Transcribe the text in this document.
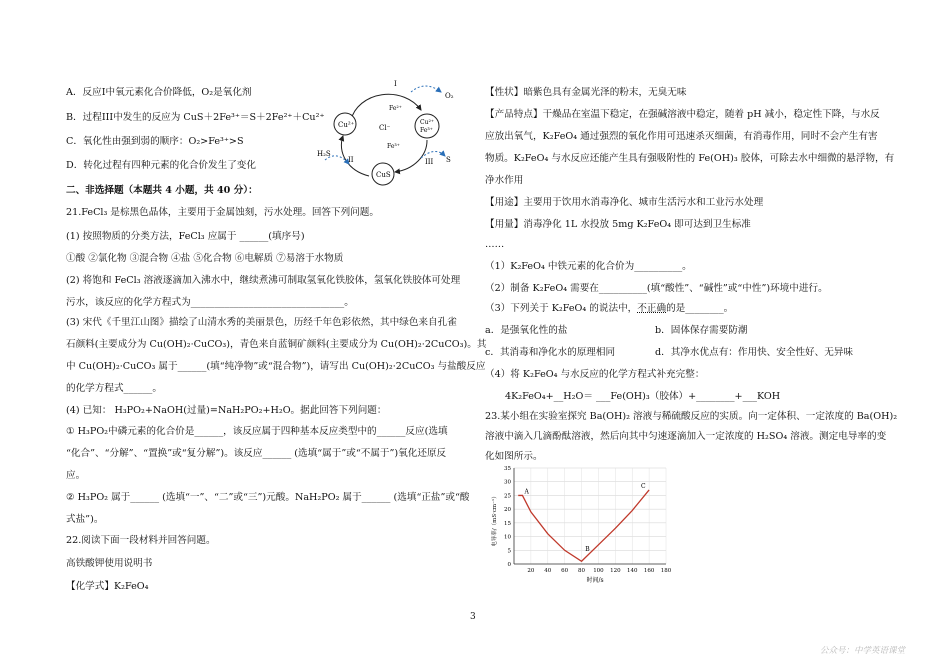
A．反应I中氧元素化合价降低，O₂是氧化剂
B．过程III中发生的反应为 CuS＋2Fe³⁺＝S＋2Fe²⁺＋Cu²⁺
C．氧化性由强到弱的顺序：O₂>Fe³⁺>S
D．转化过程有四种元素的化合价发生了变化
二、非选择题（本题共 4 小题，共 40 分）：
21.FeCl₃ 是棕黑色晶体，主要用于金属蚀刻，污水处理。回答下列问题。
(1) 按照物质的分类方法，FeCl₃ 应属于 ______(填序号)
①酸 ②氯化物 ③混合物 ④盐 ⑤化合物 ⑥电解质 ⑦易溶于水物质
(2) 将饱和 FeCl₃ 溶液逐滴加入沸水中，继续煮沸可制取氢氧化铁胶体，氢氧化铁胶体可处理
污水，该反应的化学方程式为________________________________。
(3) 宋代《千里江山图》描绘了山清水秀的美丽景色，历经千年色彩依然，其中绿色来自孔雀
石颜料(主要成分为 Cu(OH)₂·CuCO₃)，青色来自蓝铜矿颜料(主要成分为 Cu(OH)₂·2CuCO₃)。其
中 Cu(OH)₂·CuCO₃ 属于______(填“纯净物”或“混合物”)，请写出 Cu(OH)₂·2CuCO₃ 与盐酸反应
的化学方程式______。
(4) 已知： H₃PO₂+NaOH(过量)=NaH₂PO₂+H₂O。据此回答下列问题：
① H₃PO₂中磷元素的化合价是______，该反应属于四种基本反应类型中的______反应(选填
“化合”、“分解”、“置换”或“复分解”)。该反应______ (选填“属于”或“不属于”)氧化还原反
应。
② H₃PO₂ 属于______ (选填“一”、“二”或“三”)元酸。NaH₂PO₂ 属于______ (选填“正盐”或“酸
式盐”)。
22.阅读下面一段材料并回答问题。
高铁酸钾使用说明书
【化学式】K₂FeO₄
Cu²⁺	Cu²⁺
Fe³⁺
CuS
I
II	III
O₂
H₂S
S
Fe²⁺
Fe³⁺
Cl⁻
【性状】暗紫色具有金属光泽的粉末，无臭无味
【产品特点】干燥品在室温下稳定，在强碱溶液中稳定，随着 pH 减小，稳定性下降，与水反
应放出氧气，K₂FeO₄ 通过强烈的氧化作用可迅速杀灭细菌，有消毒作用，同时不会产生有害
物质。K₂FeO₄ 与水反应还能产生具有强吸附性的 Fe(OH)₃ 胶体，可除去水中细微的悬浮物，有
净水作用
【用途】主要用于饮用水消毒净化、城市生活污水和工业污水处理
【用量】消毒净化 1L 水投放 5mg K₂FeO₄ 即可达到卫生标准
……
（1）K₂FeO₄ 中铁元素的化合价为__________。
（2）制备 K₂FeO₄ 需要在__________(填“酸性”、“碱性”或“中性”)环境中进行。
（3）下列关于 K₂FeO₄ 的说法中，不正确的是________。
a．是强氧化性的盐	b．固体保存需要防潮
c．其消毒和净化水的原理相同	d．其净水优点有：作用快、安全性好、无异味
（4）将 K₂FeO₄ 与水反应的化学方程式补充完整：
4K₂FeO₄+__H₂O＝ ___Fe(OH)₃（胶体）+________+___KOH
23.某小组在实验室探究 Ba(OH)₂ 溶液与稀硫酸反应的实质。向一定体积、一定浓度的 Ba(OH)₂
溶液中滴入几滴酚酞溶液，然后向其中匀速逐滴加入一定浓度的 H₂SO₄ 溶液。测定电导率的变
化如图所示。
0
5
10
15
20
25
30
35
20 40 60 80 100 120 140 160 180
A
B
C
时间/s
电导率/（mS·cm⁻¹）
3
公众号：中学英语课堂
